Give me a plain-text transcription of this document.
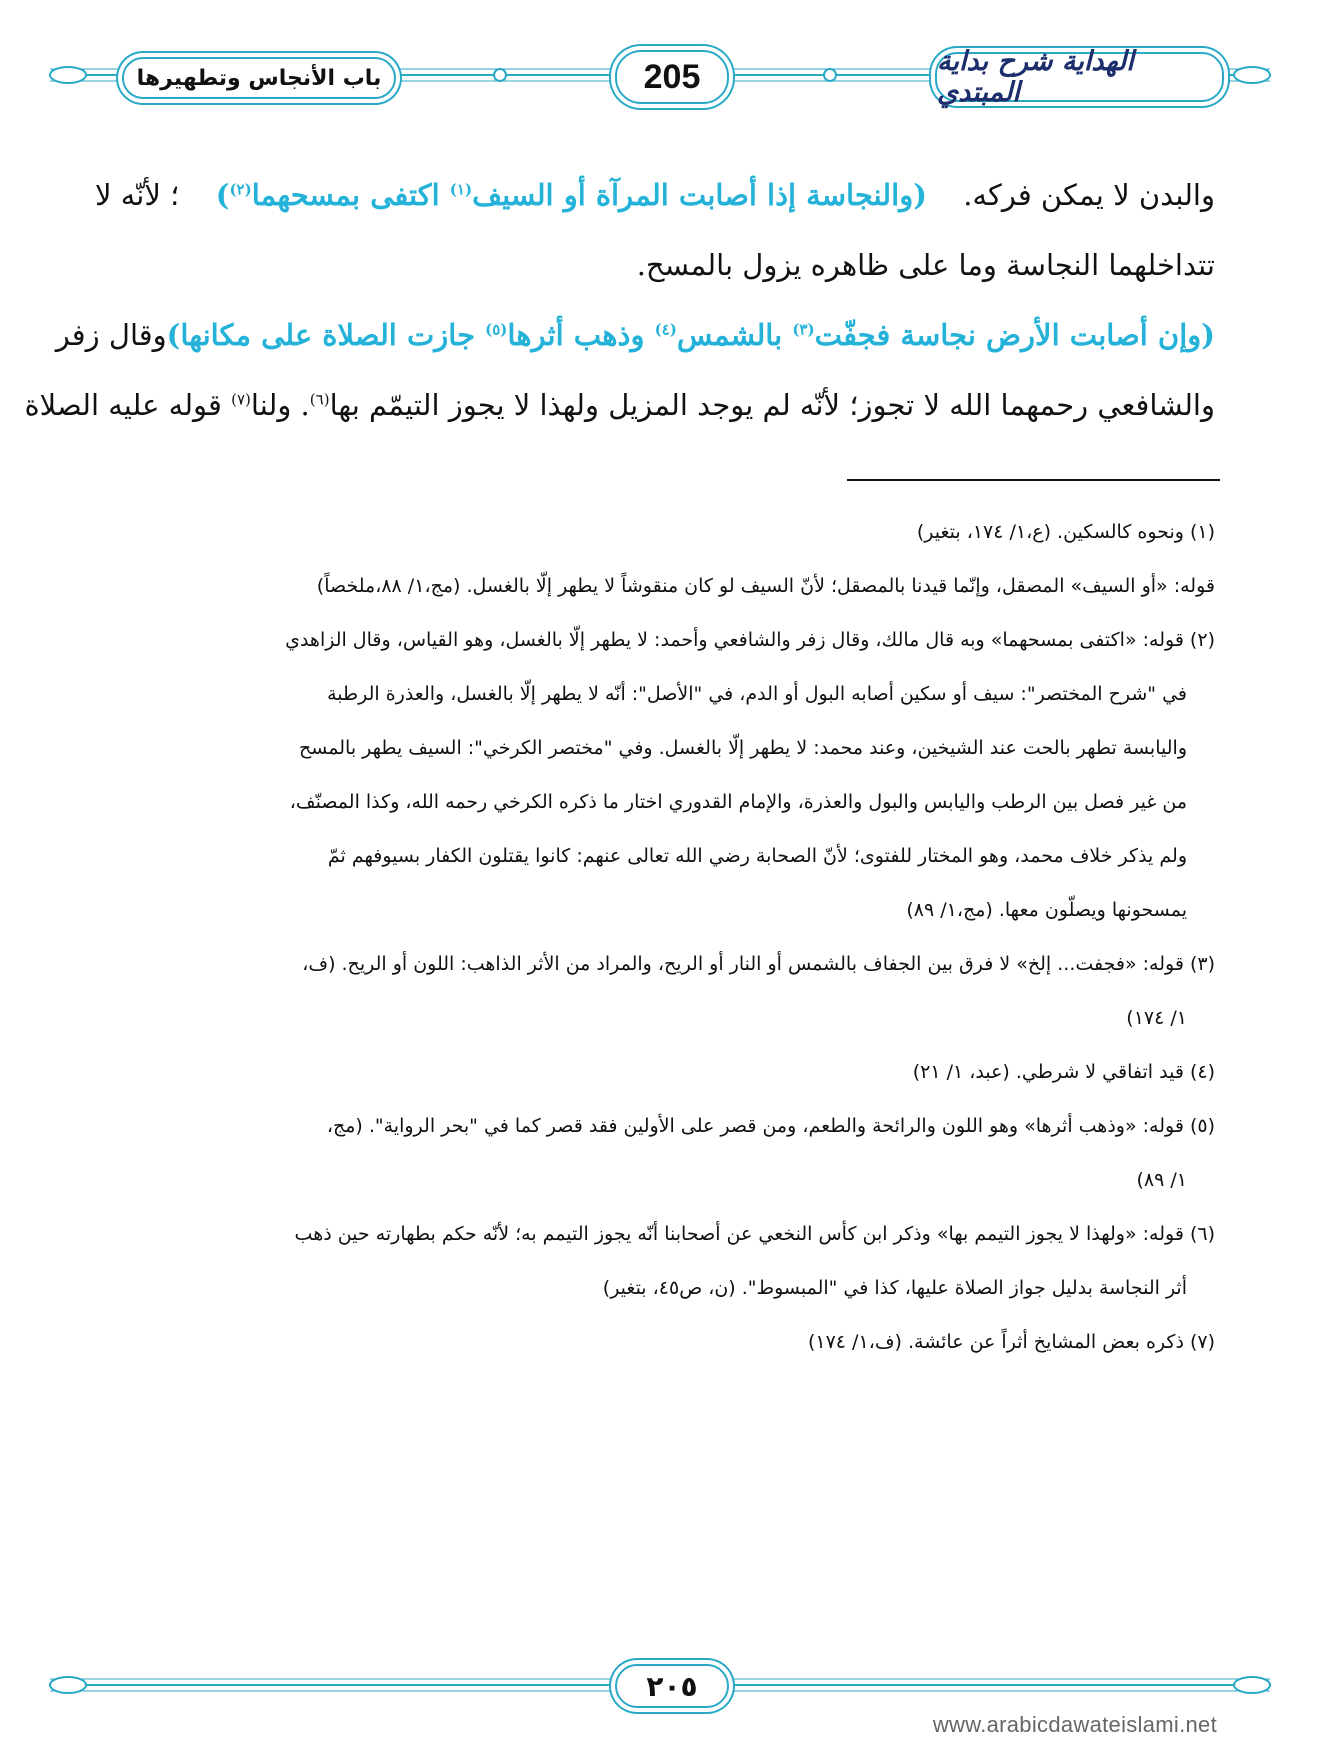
باب الأنجاس وتطهيرها	205	الهداية شرح بداية المبتدي
والبدن لا يمكن فركه.
(والنجاسة إذا أصابت المرآة أو السيف$^{(١)}$ اكتفى بمسحهما$^{(٢)}$)
؛ لأنّه لا
تتداخلهما النجاسة وما على ظاهره يزول بالمسح.
(وإن أصابت الأرض نجاسة فجفّت$^{(٣)}$ بالشمس$^{(٤)}$ وذهب أثرها$^{(٥)}$ جازت الصلاة على مكانها)
وقال زفر
والشافعي رحمهما الله لا تجوز؛ لأنّه لم يوجد المزيل ولهذا لا يجوز التيمّم بها$^{(٦)}$. ولنا$^{(٧)}$ قوله عليه الصلاة
(١) ونحوه كالسكين. (ع،١/ ١٧٤، بتغير)
قوله: «أو السيف» المصقل، وإنّما قيدنا بالمصقل؛ لأنّ السيف لو كان منقوشاً لا يطهر إلّا بالغسل. (مج،١/ ٨٨،ملخصاً)
(٢) قوله: «اكتفى بمسحهما» وبه قال مالك، وقال زفر والشافعي وأحمد: لا يطهر إلّا بالغسل، وهو القياس، وقال الزاهدي
في "شرح المختصر": سيف أو سكين أصابه البول أو الدم، في "الأصل": أنّه لا يطهر إلّا بالغسل، والعذرة الرطبة
واليابسة تطهر بالحت عند الشيخين، وعند محمد: لا يطهر إلّا بالغسل. وفي "مختصر الكرخي": السيف يطهر بالمسح
من غير فصل بين الرطب واليابس والبول والعذرة، والإمام القدوري اختار ما ذكره الكرخي رحمه الله، وكذا المصنّف،
ولم يذكر خلاف محمد، وهو المختار للفتوى؛ لأنّ الصحابة رضي الله تعالى عنهم: كانوا يقتلون الكفار بسيوفهم ثمّ
يمسحونها ويصلّون معها. (مج،١/ ٨٩)
(٣) قوله: «فجفت... إلخ» لا فرق بين الجفاف بالشمس أو النار أو الريح، والمراد من الأثر الذاهب: اللون أو الريح. (ف،
١/ ١٧٤)
(٤) قيد اتفاقي لا شرطي. (عبد، ١/ ٢١)
(٥) قوله: «وذهب أثرها» وهو اللون والرائحة والطعم، ومن قصر على الأولين فقد قصر كما في "بحر الرواية". (مج،
١/ ٨٩)
(٦) قوله: «ولهذا لا يجوز التيمم بها» وذكر ابن كأس النخعي عن أصحابنا أنّه يجوز التيمم به؛ لأنّه حكم بطهارته حين ذهب
أثر النجاسة بدليل جواز الصلاة عليها، كذا في "المبسوط". (ن، ص٤٥، بتغير)
(٧) ذكره بعض المشايخ أثراً عن عائشة. (ف،١/ ١٧٤)
٢٠٥
www.arabicdawateislami.net
